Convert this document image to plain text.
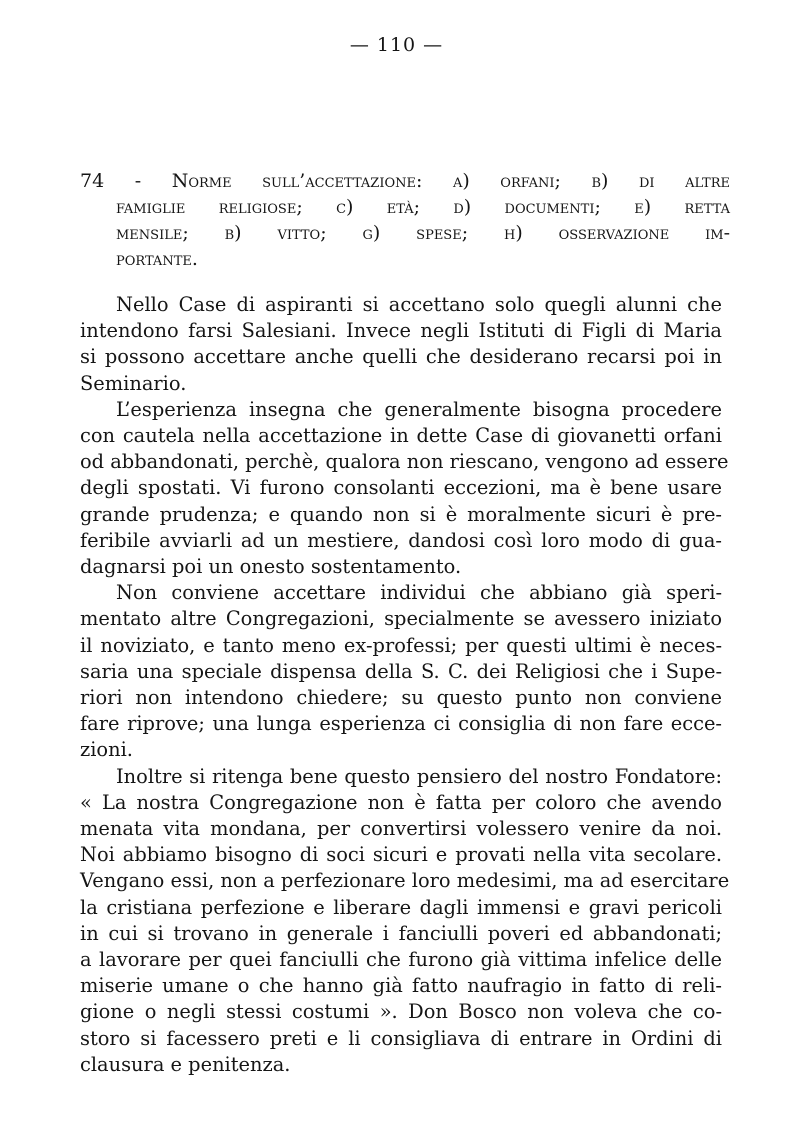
— 110 —
74 - Norme sull’accettazione: a) orfani; b) di altre
famiglie religiose; c) età; d) documenti; e) retta
mensile; b) vitto; g) spese; h) osservazione im-
portante.
Nello Case di aspiranti si accettano solo quegli alunni che
intendono farsi Salesiani. Invece negli Istituti di Figli di Maria
si possono accettare anche quelli che desiderano recarsi poi in
Seminario.
L’esperienza insegna che generalmente bisogna procedere
con cautela nella accettazione in dette Case di giovanetti orfani
od abbandonati, perchè, qualora non riescano, vengono ad essere
degli spostati. Vi furono consolanti eccezioni, ma è bene usare
grande prudenza; e quando non si è moralmente sicuri è pre-
feribile avviarli ad un mestiere, dandosi così loro modo di gua-
dagnarsi poi un onesto sostentamento.
Non conviene accettare individui che abbiano già speri-
mentato altre Congregazioni, specialmente se avessero iniziato
il noviziato, e tanto meno ex-professi; per questi ultimi è neces-
saria una speciale dispensa della S. C. dei Religiosi che i Supe-
riori non intendono chiedere; su questo punto non conviene
fare riprove; una lunga esperienza ci consiglia di non fare ecce-
zioni.
Inoltre si ritenga bene questo pensiero del nostro Fondatore:
« La nostra Congregazione non è fatta per coloro che avendo
menata vita mondana, per convertirsi volessero venire da noi.
Noi abbiamo bisogno di soci sicuri e provati nella vita secolare.
Vengano essi, non a perfezionare loro medesimi, ma ad esercitare
la cristiana perfezione e liberare dagli immensi e gravi pericoli
in cui si trovano in generale i fanciulli poveri ed abbandonati;
a lavorare per quei fanciulli che furono già vittima infelice delle
miserie umane o che hanno già fatto naufragio in fatto di reli-
gione o negli stessi costumi ». Don Bosco non voleva che co-
storo si facessero preti e li consigliava di entrare in Ordini di
clausura e penitenza.
